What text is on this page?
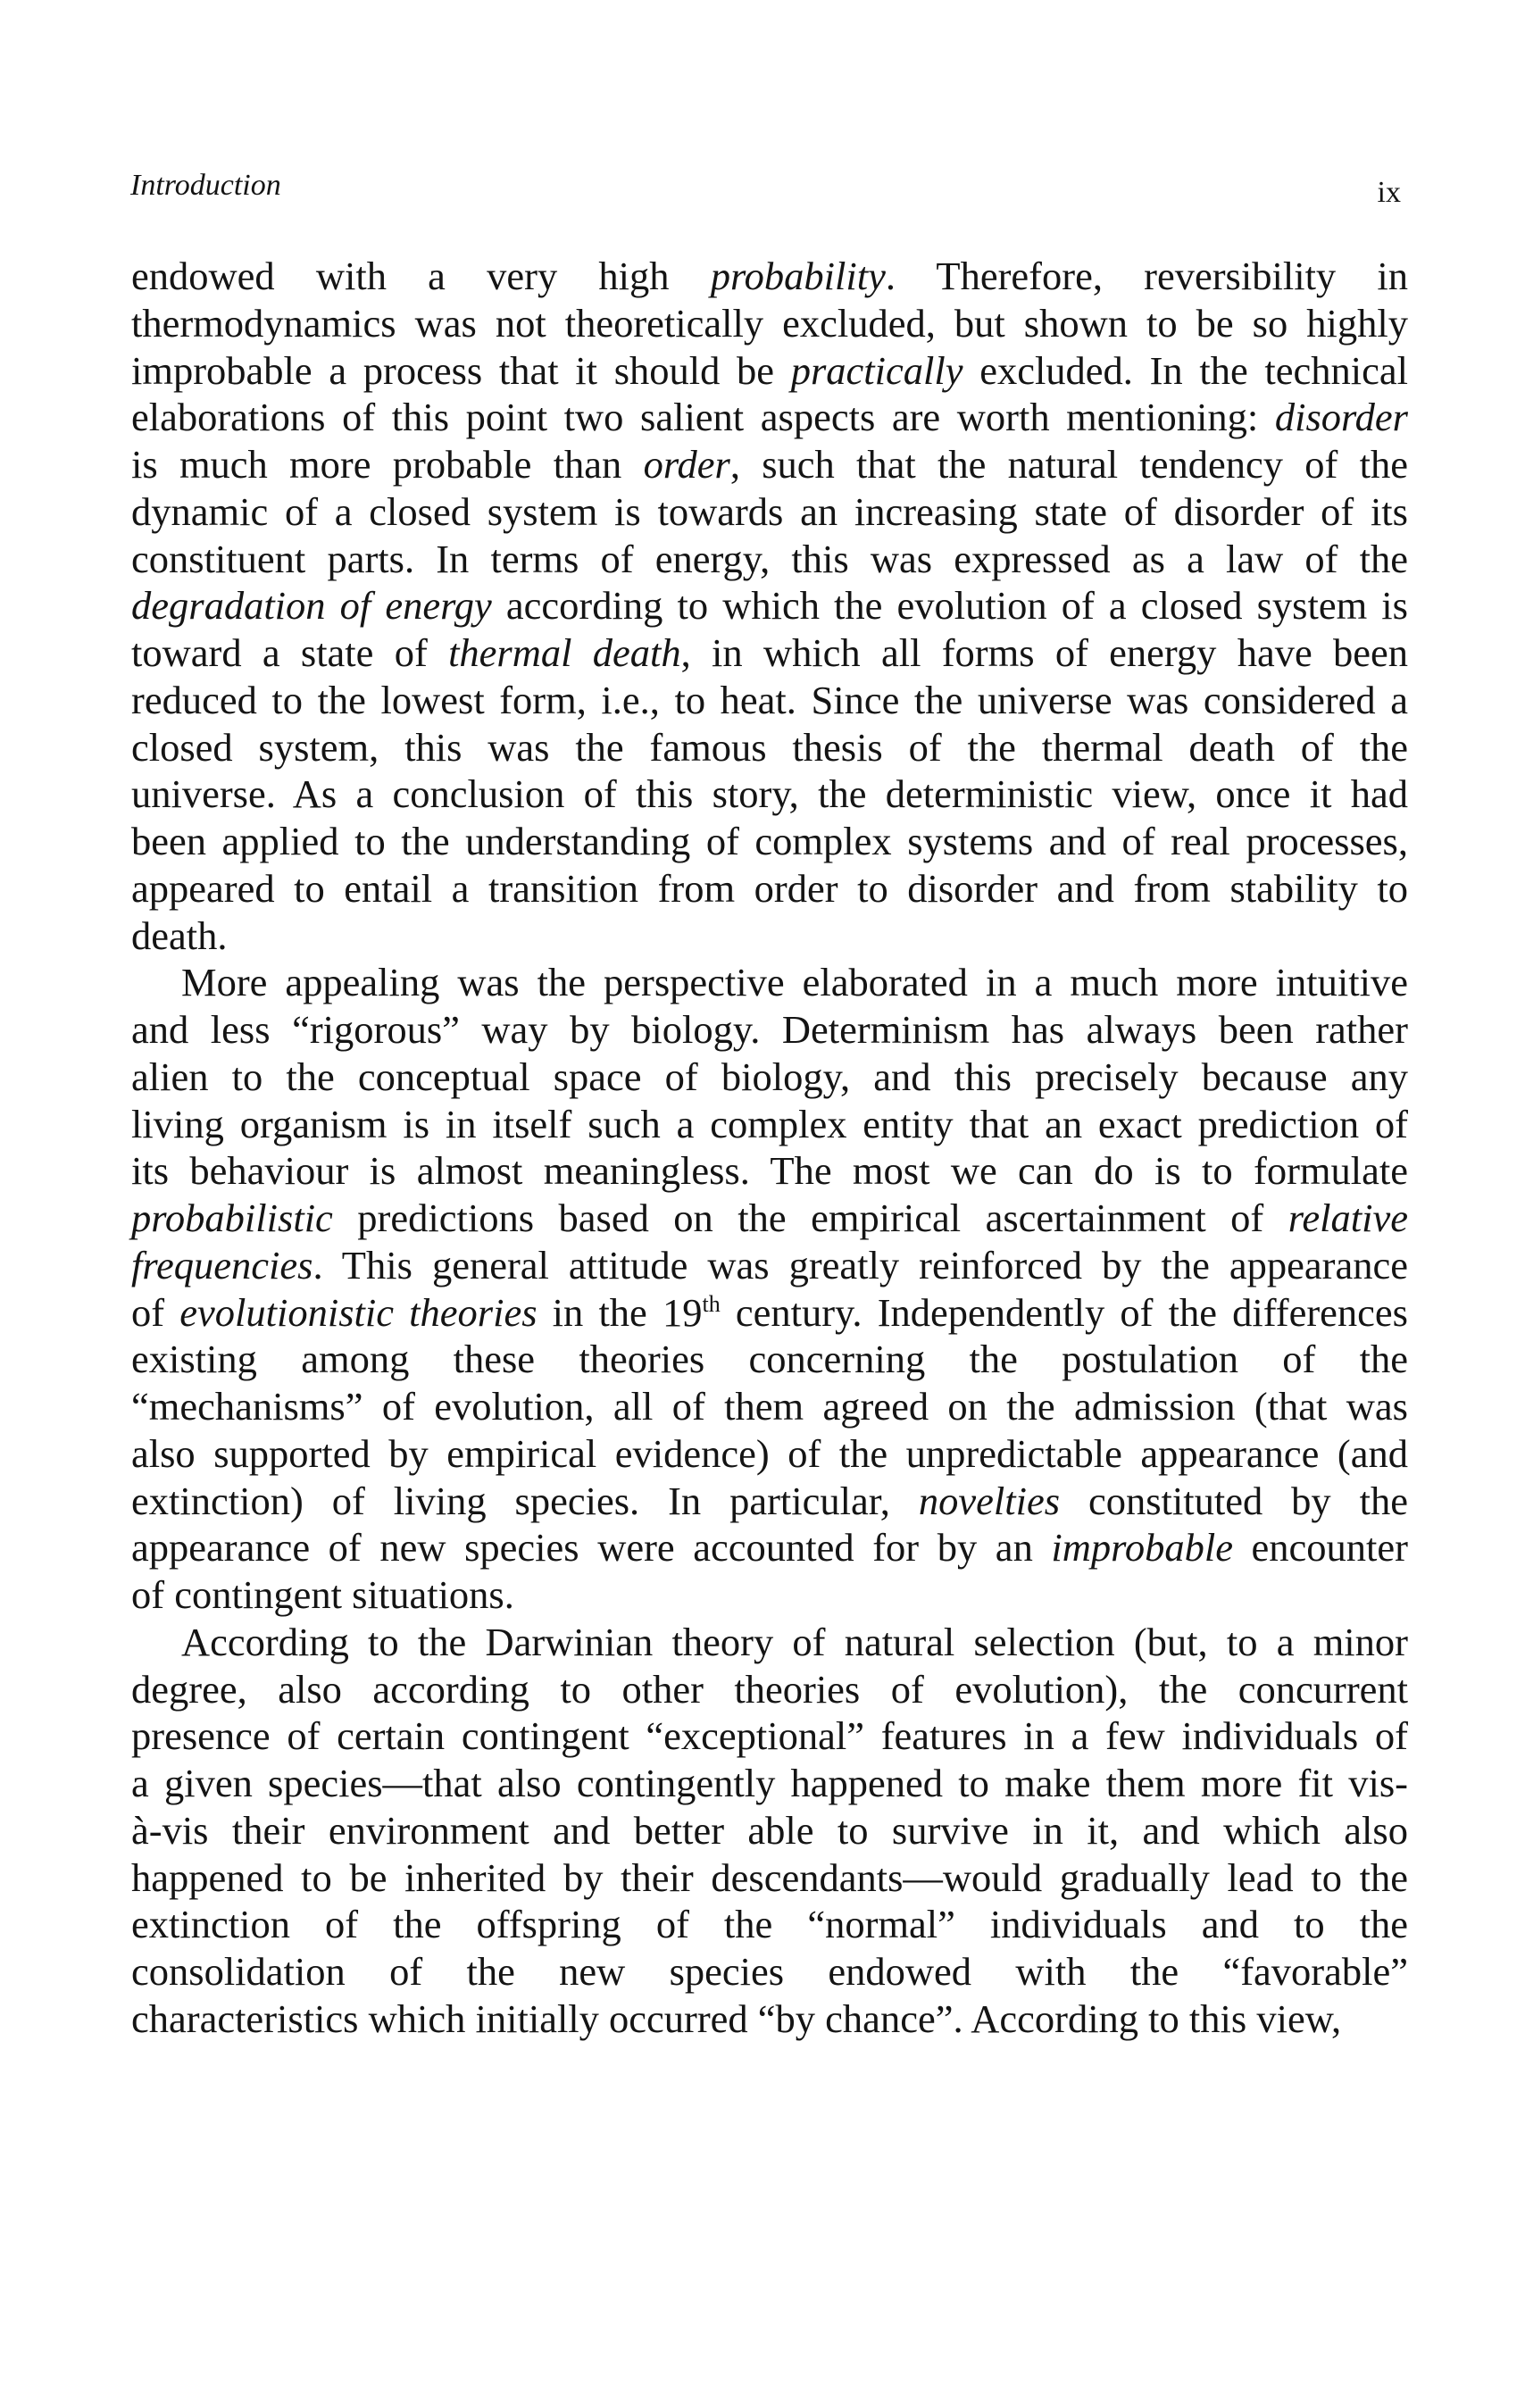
Introduction	ix
endowed with a very high probability. Therefore, reversibility in
thermodynamics was not theoretically excluded, but shown to be so highly
improbable a process that it should be practically excluded. In the technical
elaborations of this point two salient aspects are worth mentioning: disorder
is much more probable than order, such that the natural tendency of the
dynamic of a closed system is towards an increasing state of disorder of its
constituent parts. In terms of energy, this was expressed as a law of the
degradation of energy according to which the evolution of a closed system is
toward a state of thermal death, in which all forms of energy have been
reduced to the lowest form, i.e., to heat. Since the universe was considered a
closed system, this was the famous thesis of the thermal death of the
universe. As a conclusion of this story, the deterministic view, once it had
been applied to the understanding of complex systems and of real processes,
appeared to entail a transition from order to disorder and from stability to
death.
More appealing was the perspective elaborated in a much more intuitive
and less “rigorous” way by biology. Determinism has always been rather
alien to the conceptual space of biology, and this precisely because any
living organism is in itself such a complex entity that an exact prediction of
its behaviour is almost meaningless. The most we can do is to formulate
probabilistic predictions based on the empirical ascertainment of relative
frequencies. This general attitude was greatly reinforced by the appearance
of evolutionistic theories in the 19th century. Independently of the differences
existing among these theories concerning the postulation of the
“mechanisms” of evolution, all of them agreed on the admission (that was
also supported by empirical evidence) of the unpredictable appearance (and
extinction) of living species. In particular, novelties constituted by the
appearance of new species were accounted for by an improbable encounter
of contingent situations.
According to the Darwinian theory of natural selection (but, to a minor
degree, also according to other theories of evolution), the concurrent
presence of certain contingent “exceptional” features in a few individuals of
a given species—that also contingently happened to make them more fit vis-
à-vis their environment and better able to survive in it, and which also
happened to be inherited by their descendants—would gradually lead to the
extinction of the offspring of the “normal” individuals and to the
consolidation of the new species endowed with the “favorable”
characteristics which initially occurred “by chance”. According to this view,
